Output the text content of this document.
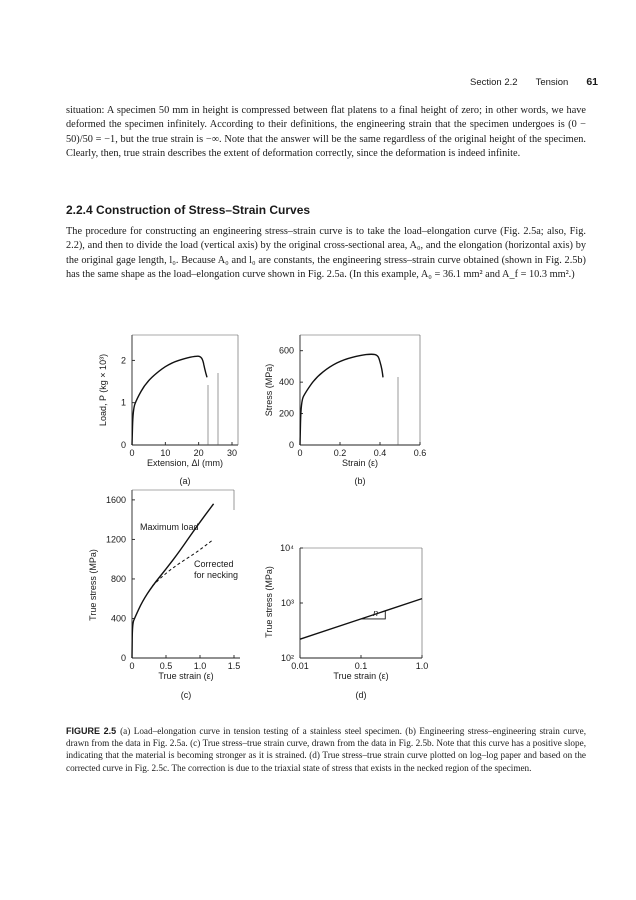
Section 2.2 Tension 61
situation: A specimen 50 mm in height is compressed between flat platens to a final height of zero; in other words, we have deformed the specimen infinitely. According to their definitions, the engineering strain that the specimen undergoes is (0 − 50)/50 = −1, but the true strain is −∞. Note that the answer will be the same regardless of the original height of the specimen. Clearly, then, true strain describes the extent of deformation correctly, since the deformation is indeed infinite.
2.2.4 Construction of Stress–Strain Curves
The procedure for constructing an engineering stress–strain curve is to take the load–elongation curve (Fig. 2.5a; also, Fig. 2.2), and then to divide the load (vertical axis) by the original cross-sectional area, A₀, and the elongation (horizontal axis) by the original gage length, l₀. Because A₀ and l₀ are constants, the engineering stress–strain curve obtained (shown in Fig. 2.5b) has the same shape as the load–elongation curve shown in Fig. 2.5a. (In this example, A₀ = 36.1 mm² and A_f = 10.3 mm².)
0	10	20	30
0
1
2
Load, P (kg × 10³)
Extension, Δl (mm)
(a)
0	0.2	0.4	0.6
0
200
400
600
Stress (MPa)
Strain (ε)
(b)
0	0.5 1.0 1.5
0
400
800
1200
1600
True stress (MPa)
True strain (ε)
(c)
Maximum load
Corrected
for necking
0.01	0.1	1.0
10²
10³
10⁴
n
True stress (MPa)
True strain (ε)
(d)
FIGURE 2.5 (a) Load–elongation curve in tension testing of a stainless steel specimen. (b) Engineering stress–engineering strain curve, drawn from the data in Fig. 2.5a. (c) True stress–true strain curve, drawn from the data in Fig. 2.5b. Note that this curve has a positive slope, indicating that the material is becoming stronger as it is strained. (d) True stress–true strain curve plotted on log–log paper and based on the corrected curve in Fig. 2.5c. The correction is due to the triaxial state of stress that exists in the necked region of the specimen.
